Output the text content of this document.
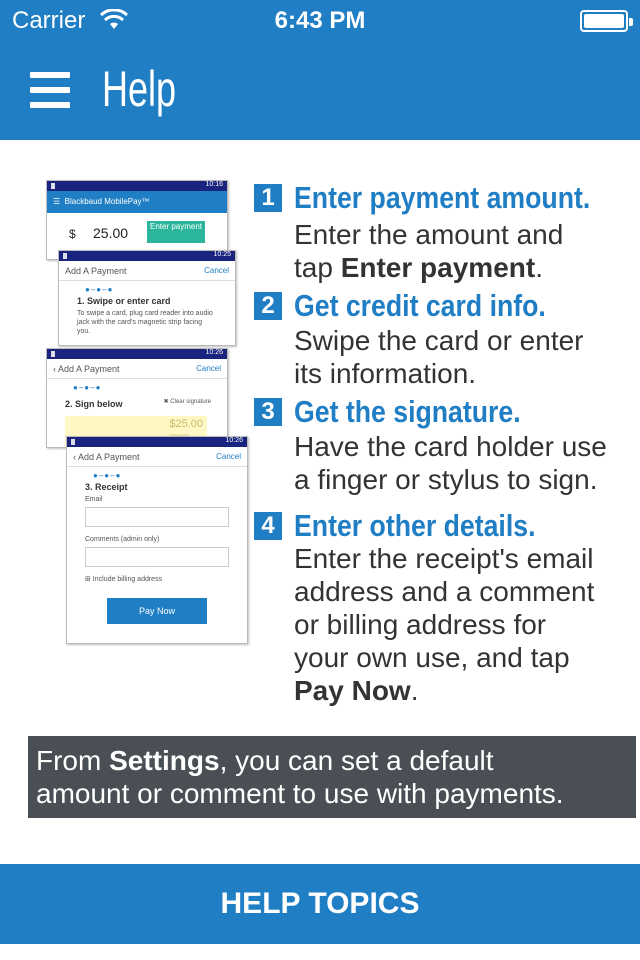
Carrier	6:43 PM
Help
10:16
☰  Blackbaud MobilePay™
$ 25.00	Enter payment
10:25
Add A Payment	Cancel
●–●–●
1. Swipe or enter card
To swipe a card, plug card reader into audio jack with the card's magnetic strip facing you.
10:26
‹ Add A Payment	Cancel
●–●–●
2. Sign below	✖ Clear signature
$25.00
10:26
‹ Add A Payment	Cancel
●–●–●
3. Receipt
Email
Comments (admin only)
⊞ Include billing address
Pay Now
1 Enter payment amount.
Enter the amount and
tap Enter payment.
2 Get credit card info.
Swipe the card or enter
its information.
3 Get the signature.
Have the card holder use
a finger or stylus to sign.
4 Enter other details.
Enter the receipt's email
address and a comment
or billing address for
your own use, and tap
Pay Now.
From Settings, you can set a default
amount or comment to use with payments.
HELP TOPICS
